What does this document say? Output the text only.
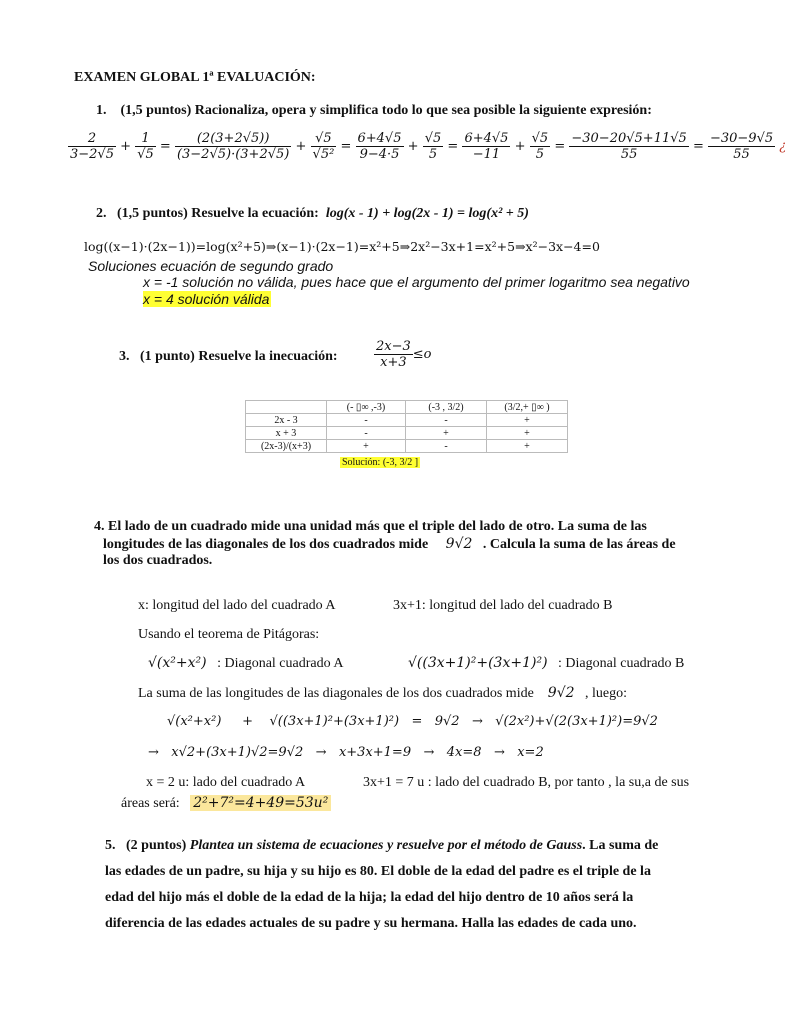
EXAMEN GLOBAL 1ª EVALUACIÓN:
1. (1,5 puntos) Racionaliza, opera y simplifica todo lo que sea posible la siguiente expresión:
$\frac{2}{3-2√5} + \frac{1}{√5} = \frac{(2(3+2√5))}{(3-2√5)\cdot(3+2√5)} + \frac{√5}{\text{√5²}} = \frac{6+4√5}{9-4\cdot 5} + \frac{√5}{5} = \frac{6+4√5}{-11} + \frac{√5}{5} = \frac{-30-20√5+11√5}{55} = \frac{-30-9√5}{55}$ ¿
2. (1,5 puntos) Resuelve la ecuación: log(x - 1) + log(2x - 1) = log(x² + 5)
log((x−1)·(2x−1))=log(x²+5)⇒(x−1)·(2x−1)=x²+5⇒2x²−3x+1=x²+5⇒x²−3x−4=0
Soluciones ecuación de segundo grado
x = -1 solución no válida, pues hace que el argumento del primer logaritmo sea negativo
x = 4 solución válida
3. (1 punto) Resuelve la inecuación:	$\frac{2x-3}{x+3} \le o$
	(- ▯∞ ,-3)	(-3 , 3/2)	(3/2,+ ▯∞ )
2x - 3	-	-	+
x + 3	-	+	+
(2x-3)/(x+3)	+	-	+
Solución: (-3, 3/2 ]
4. El lado de un cuadrado mide una unidad más que el triple del lado de otro. La suma de las
longitudes de las diagonales de los dos cuadrados mide 9√2 . Calcula la suma de las áreas de
los dos cuadrados.
x: longitud del lado del cuadrado A	3x+1: longitud del lado del cuadrado B
Usando el teorema de Pitágoras:
√(x²+x²) : Diagonal cuadrado A	√((3x+1)²+(3x+1)²) : Diagonal cuadrado B
La suma de las longitudes de las diagonales de los dos cuadrados mide 9√2 , luego:
√(x²+x²)     +    √((3x+1)²+(3x+1)²)   =   9√2   →   √(2x²)+√(2(3x+1)²)=9√2
→   x√2+(3x+1)√2=9√2   →   x+3x+1=9   →   4x=8   →   x=2
x = 2 u: lado del cuadrado A	3x+1 = 7 u : lado del cuadrado B, por tanto , la su,a de sus
áreas será: 2²+7²=4+49=53u²
5. (2 puntos) Plantea un sistema de ecuaciones y resuelve por el método de Gauss. La suma de
las edades de un padre, su hija y su hijo es 80. El doble de la edad del padre es el triple de la
edad del hijo más el doble de la edad de la hija; la edad del hijo dentro de 10 años será la
diferencia de las edades actuales de su padre y su hermana. Halla las edades de cada uno.
